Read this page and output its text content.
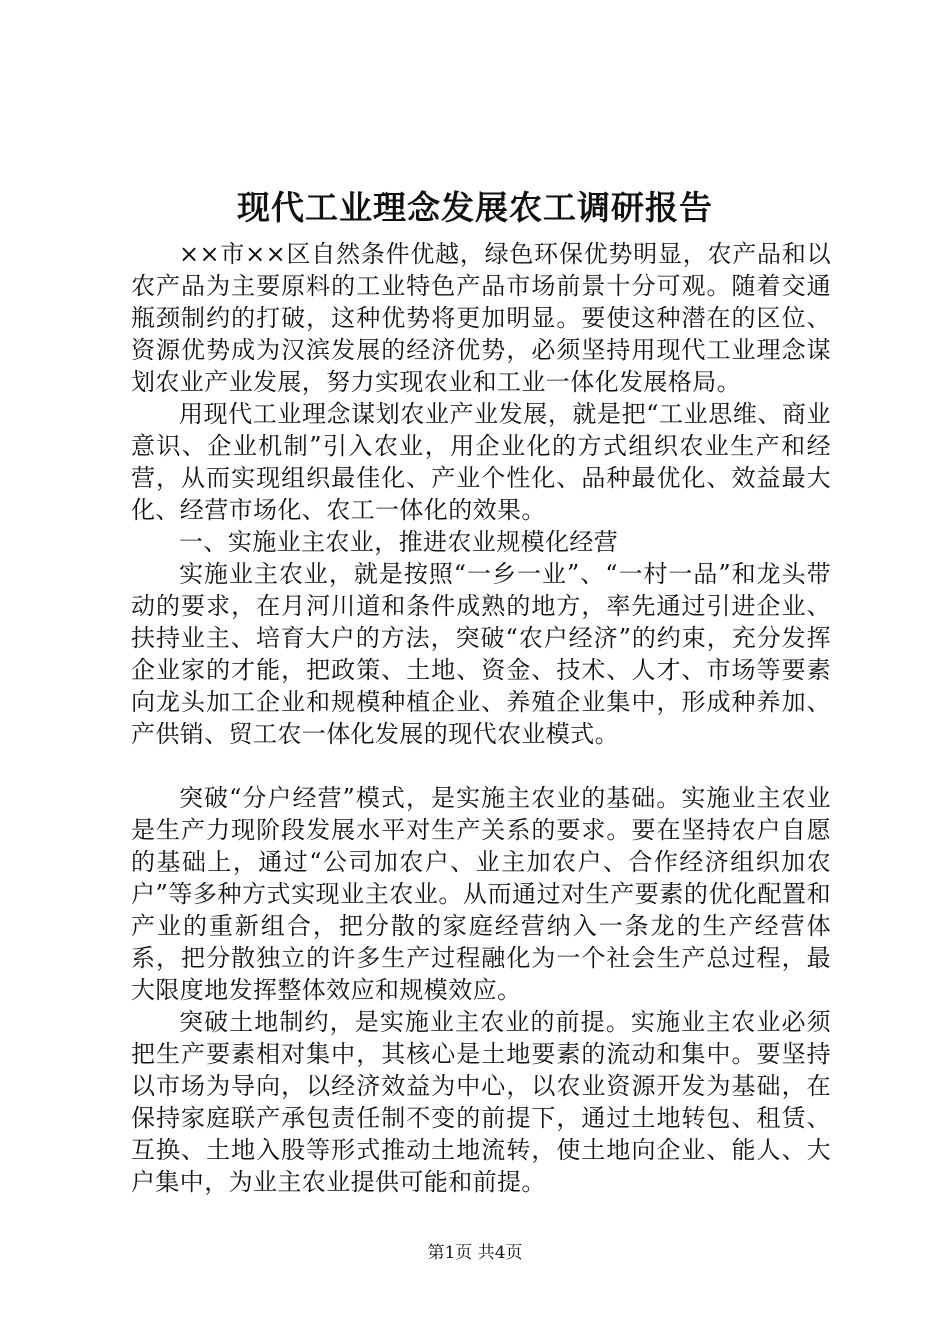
现代工业理念发展农工调研报告

××市××区自然条件优越，绿色环保优势明显，农产品和以农产品为主要原料的工业特色产品市场前景十分可观。随着交通瓶颈制约的打破，这种优势将更加明显。要使这种潜在的区位、资源优势成为汉滨发展的经济优势，必须坚持用现代工业理念谋划农业产业发展，努力实现农业和工业一体化发展格局。

用现代工业理念谋划农业产业发展，就是把“工业思维、商业意识、企业机制”引入农业，用企业化的方式组织农业生产和经营，从而实现组织最佳化、产业个性化、品种最优化、效益最大化、经营市场化、农工一体化的效果。

一、实施业主农业，推进农业规模化经营

实施业主农业，就是按照“一乡一业”、“一村一品”和龙头带动的要求，在月河川道和条件成熟的地方，率先通过引进企业、扶持业主、培育大户的方法，突破“农户经济”的约束，充分发挥企业家的才能，把政策、土地、资金、技术、人才、市场等要素向龙头加工企业和规模种植企业、养殖企业集中，形成种养加、产供销、贸工农一体化发展的现代农业模式。

突破“分户经营”模式，是实施主农业的基础。实施业主农业是生产力现阶段发展水平对生产关系的要求。要在坚持农户自愿的基础上，通过“公司加农户、业主加农户、合作经济组织加农户”等多种方式实现业主农业。从而通过对生产要素的优化配置和产业的重新组合，把分散的家庭经营纳入一条龙的生产经营体系，把分散独立的许多生产过程融化为一个社会生产总过程，最大限度地发挥整体效应和规模效应。

突破土地制约，是实施业主农业的前提。实施业主农业必须把生产要素相对集中，其核心是土地要素的流动和集中。要坚持以市场为导向，以经济效益为中心，以农业资源开发为基础，在保持家庭联产承包责任制不变的前提下，通过土地转包、租赁、互换、土地入股等形式推动土地流转，使土地向企业、能人、大户集中，为业主农业提供可能和前提。

第1页 共4页
